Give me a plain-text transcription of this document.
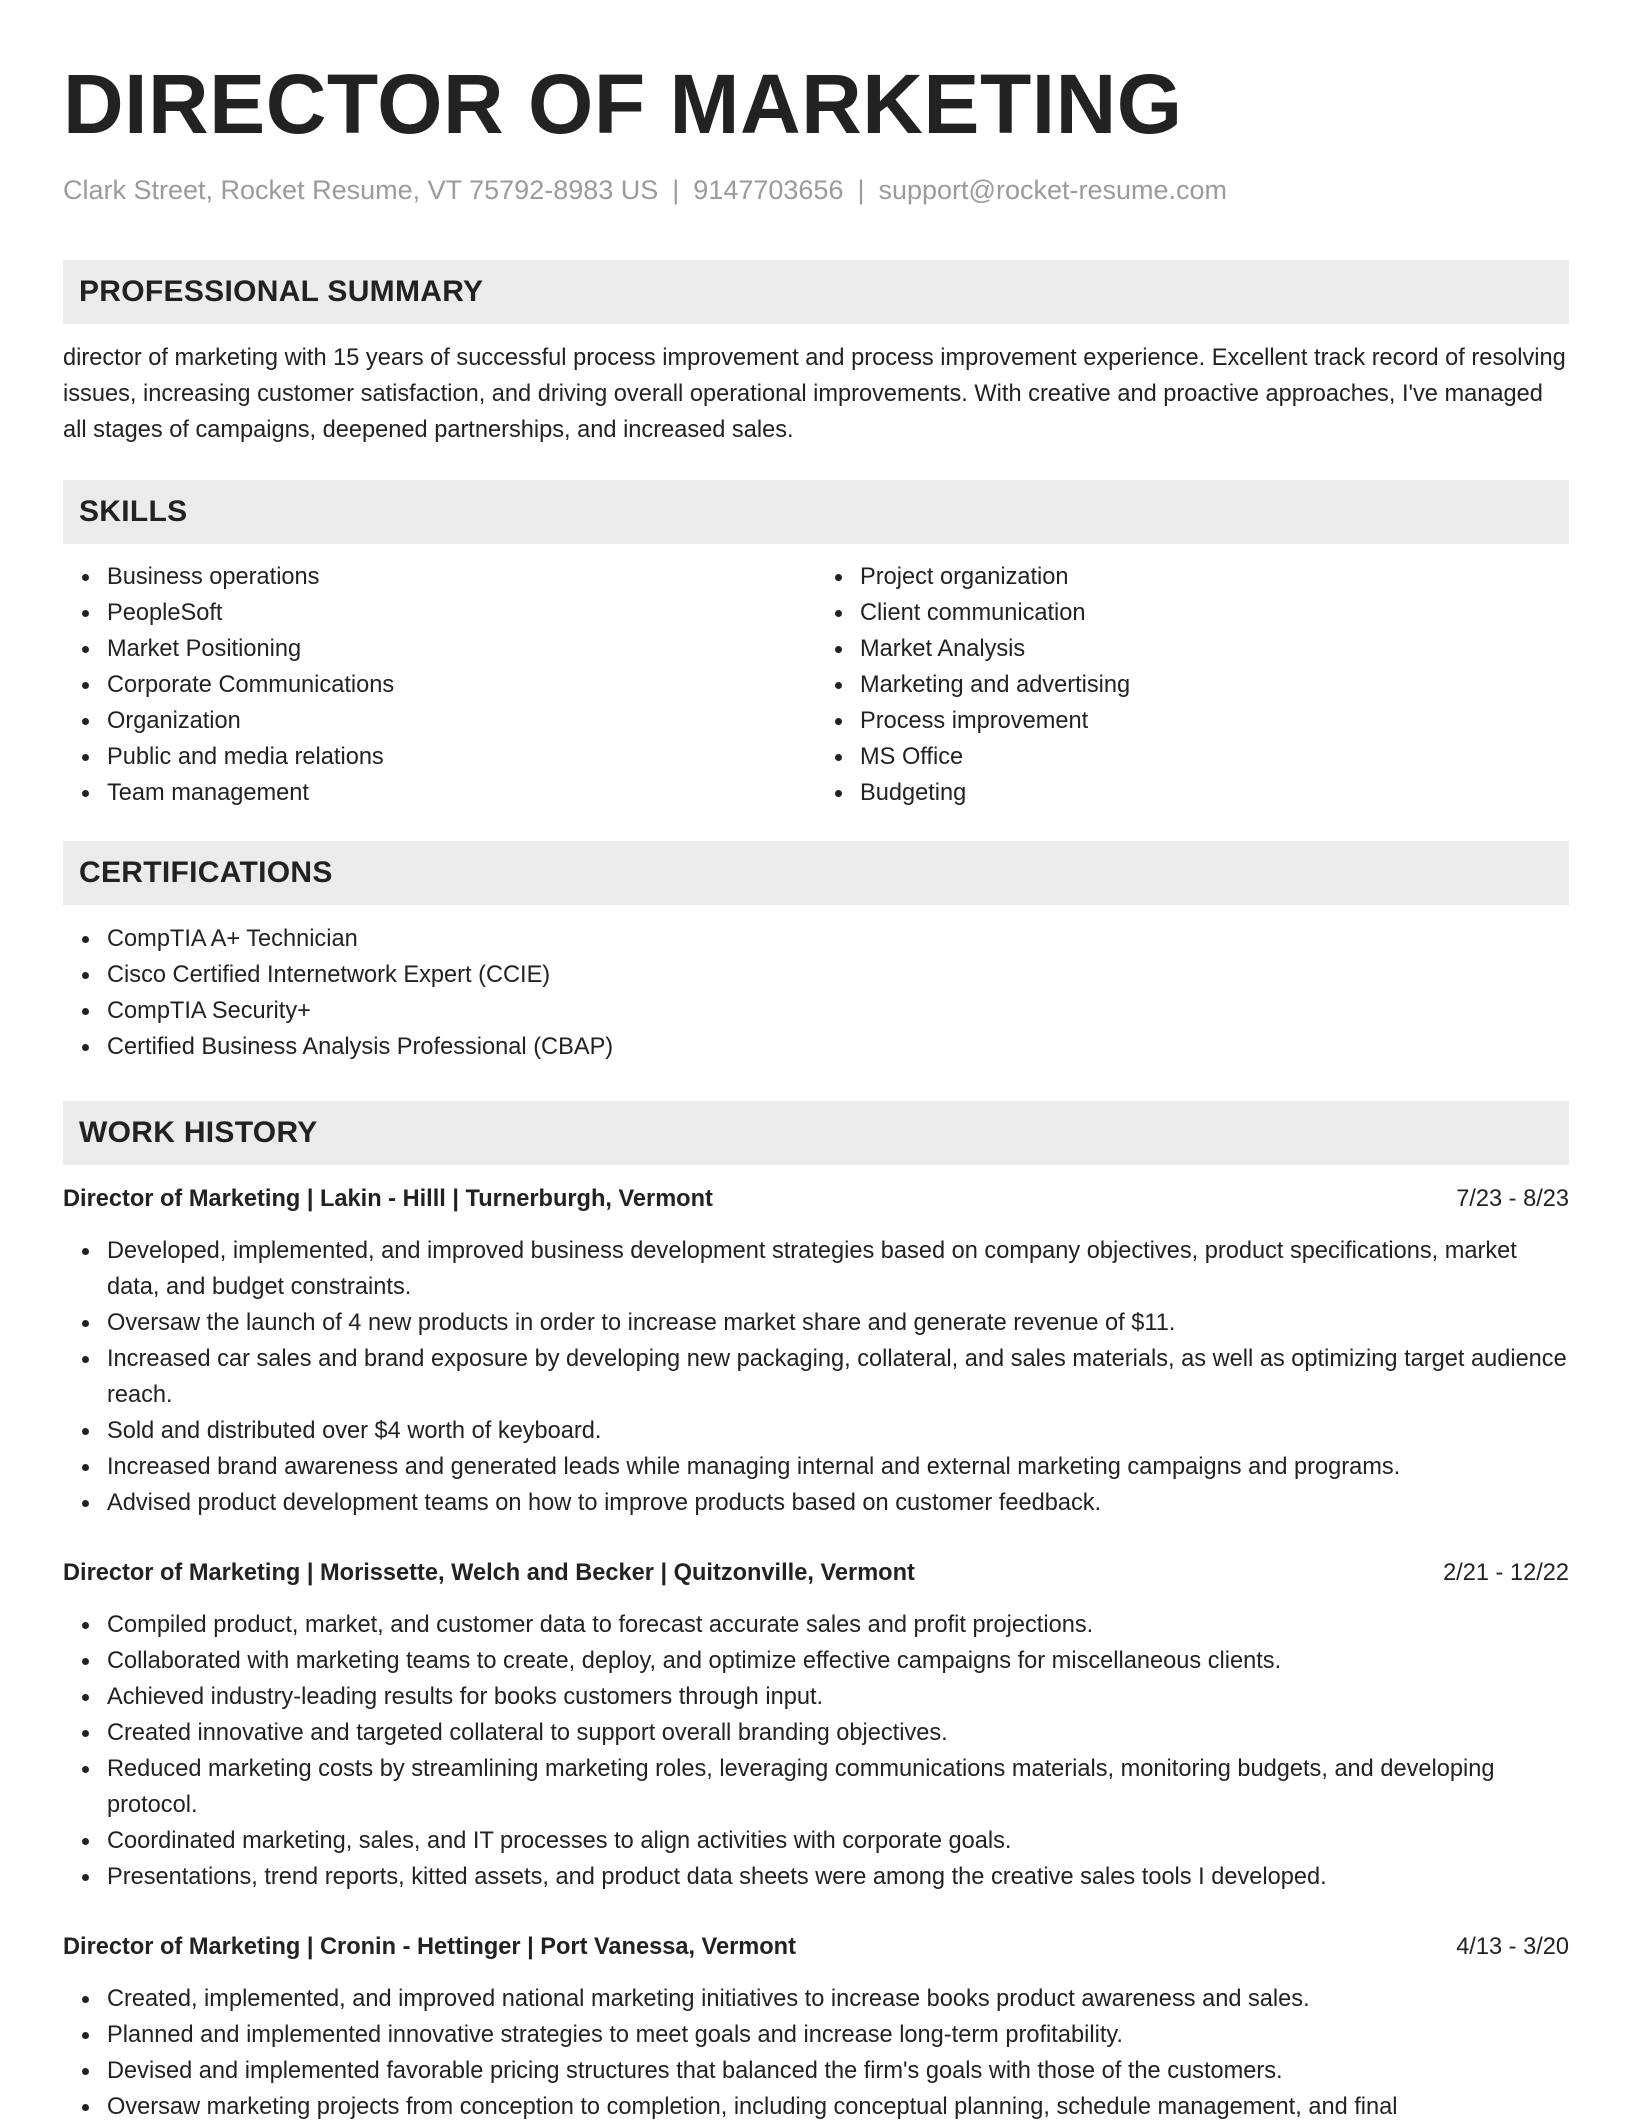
DIRECTOR OF MARKETING
Clark Street, Rocket Resume, VT 75792-8983 US | 9147703656 | support@rocket-resume.com
PROFESSIONAL SUMMARY

director of marketing with 15 years of successful process improvement and process improvement experience. Excellent track record of resolving issues, increasing customer satisfaction, and driving overall operational improvements. With creative and proactive approaches, I've managed all stages of campaigns, deepened partnerships, and increased sales.

SKILLS
Business operations
PeopleSoft
Market Positioning
Corporate Communications
Organization
Public and media relations
Team management
Project organization
Client communication
Market Analysis
Marketing and advertising
Process improvement
MS Office
Budgeting
CERTIFICATIONS
CompTIA A+ Technician
Cisco Certified Internetwork Expert (CCIE)
CompTIA Security+
Certified Business Analysis Professional (CBAP)
WORK HISTORY
Director of Marketing | Lakin - Hilll | Turnerburgh, Vermont	7/23 - 8/23
Developed, implemented, and improved business development strategies based on company objectives, product specifications, market data, and budget constraints.
Oversaw the launch of 4 new products in order to increase market share and generate revenue of $11.
Increased car sales and brand exposure by developing new packaging, collateral, and sales materials, as well as optimizing target audience reach.
Sold and distributed over $4 worth of keyboard.
Increased brand awareness and generated leads while managing internal and external marketing campaigns and programs.
Advised product development teams on how to improve products based on customer feedback.
Director of Marketing | Morissette, Welch and Becker | Quitzonville, Vermont	2/21 - 12/22
Compiled product, market, and customer data to forecast accurate sales and profit projections.
Collaborated with marketing teams to create, deploy, and optimize effective campaigns for miscellaneous clients.
Achieved industry-leading results for books customers through input.
Created innovative and targeted collateral to support overall branding objectives.
Reduced marketing costs by streamlining marketing roles, leveraging communications materials, monitoring budgets, and developing protocol.
Coordinated marketing, sales, and IT processes to align activities with corporate goals.
Presentations, trend reports, kitted assets, and product data sheets were among the creative sales tools I developed.
Director of Marketing | Cronin - Hettinger | Port Vanessa, Vermont	4/13 - 3/20
Created, implemented, and improved national marketing initiatives to increase books product awareness and sales.
Planned and implemented innovative strategies to meet goals and increase long-term profitability.
Devised and implemented favorable pricing structures that balanced the firm's goals with those of the customers.
Oversaw marketing projects from conception to completion, including conceptual planning, schedule management, and final
